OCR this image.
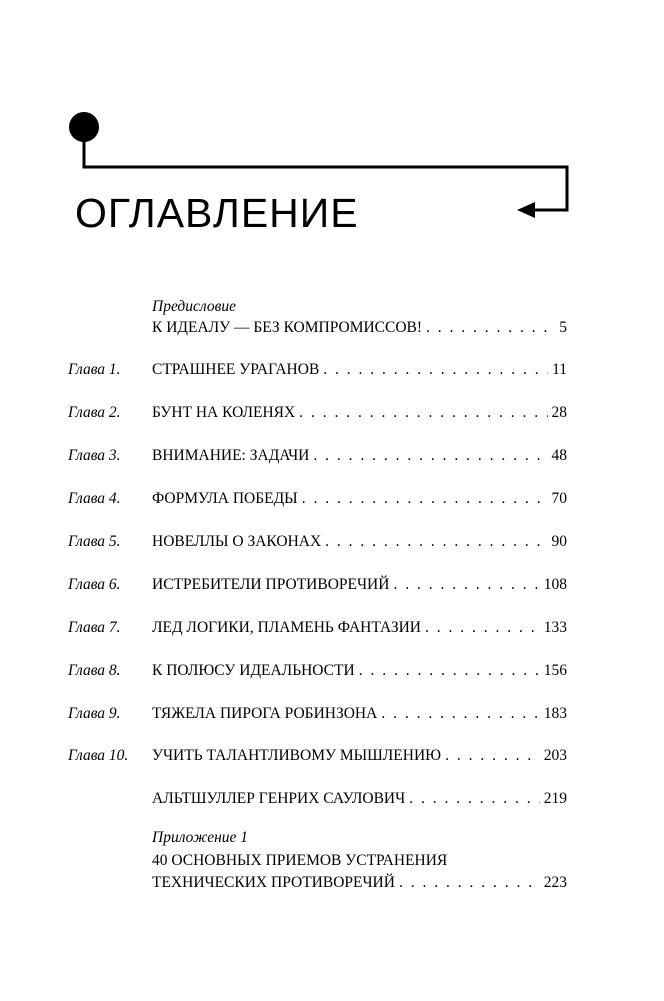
ОГЛАВЛЕНИЕ
Предисловие
К ИДЕАЛУ — БЕЗ КОМПРОМИССОВ! . . .	5
Глава 1. СТРАШНЕЕ УРАГАНОВ . . .	11
Глава 2. БУНТ НА КОЛЕНЯХ . . .	28
Глава 3. ВНИМАНИЕ: ЗАДАЧИ . . .	48
Глава 4. ФОРМУЛА ПОБЕДЫ . . .	70
Глава 5. НОВЕЛЛЫ О ЗАКОНАХ . . .	90
Глава 6. ИСТРЕБИТЕЛИ ПРОТИВОРЕЧИЙ . . .	108
Глава 7. ЛЕД ЛОГИКИ, ПЛАМЕНЬ ФАНТАЗИИ . . .	133
Глава 8. К ПОЛЮСУ ИДЕАЛЬНОСТИ . . .	156
Глава 9. ТЯЖЕЛА ПИРОГА РОБИНЗОНА . . .	183
Глава 10. УЧИТЬ ТАЛАНТЛИВОМУ МЫШЛЕНИЮ . . .	203
АЛЬТШУЛЛЕР ГЕНРИХ САУЛОВИЧ . . .	219
Приложение 1
40 ОСНОВНЫХ ПРИЕМОВ УСТРАНЕНИЯ
ТЕХНИЧЕСКИХ ПРОТИВОРЕЧИЙ . . .	223
